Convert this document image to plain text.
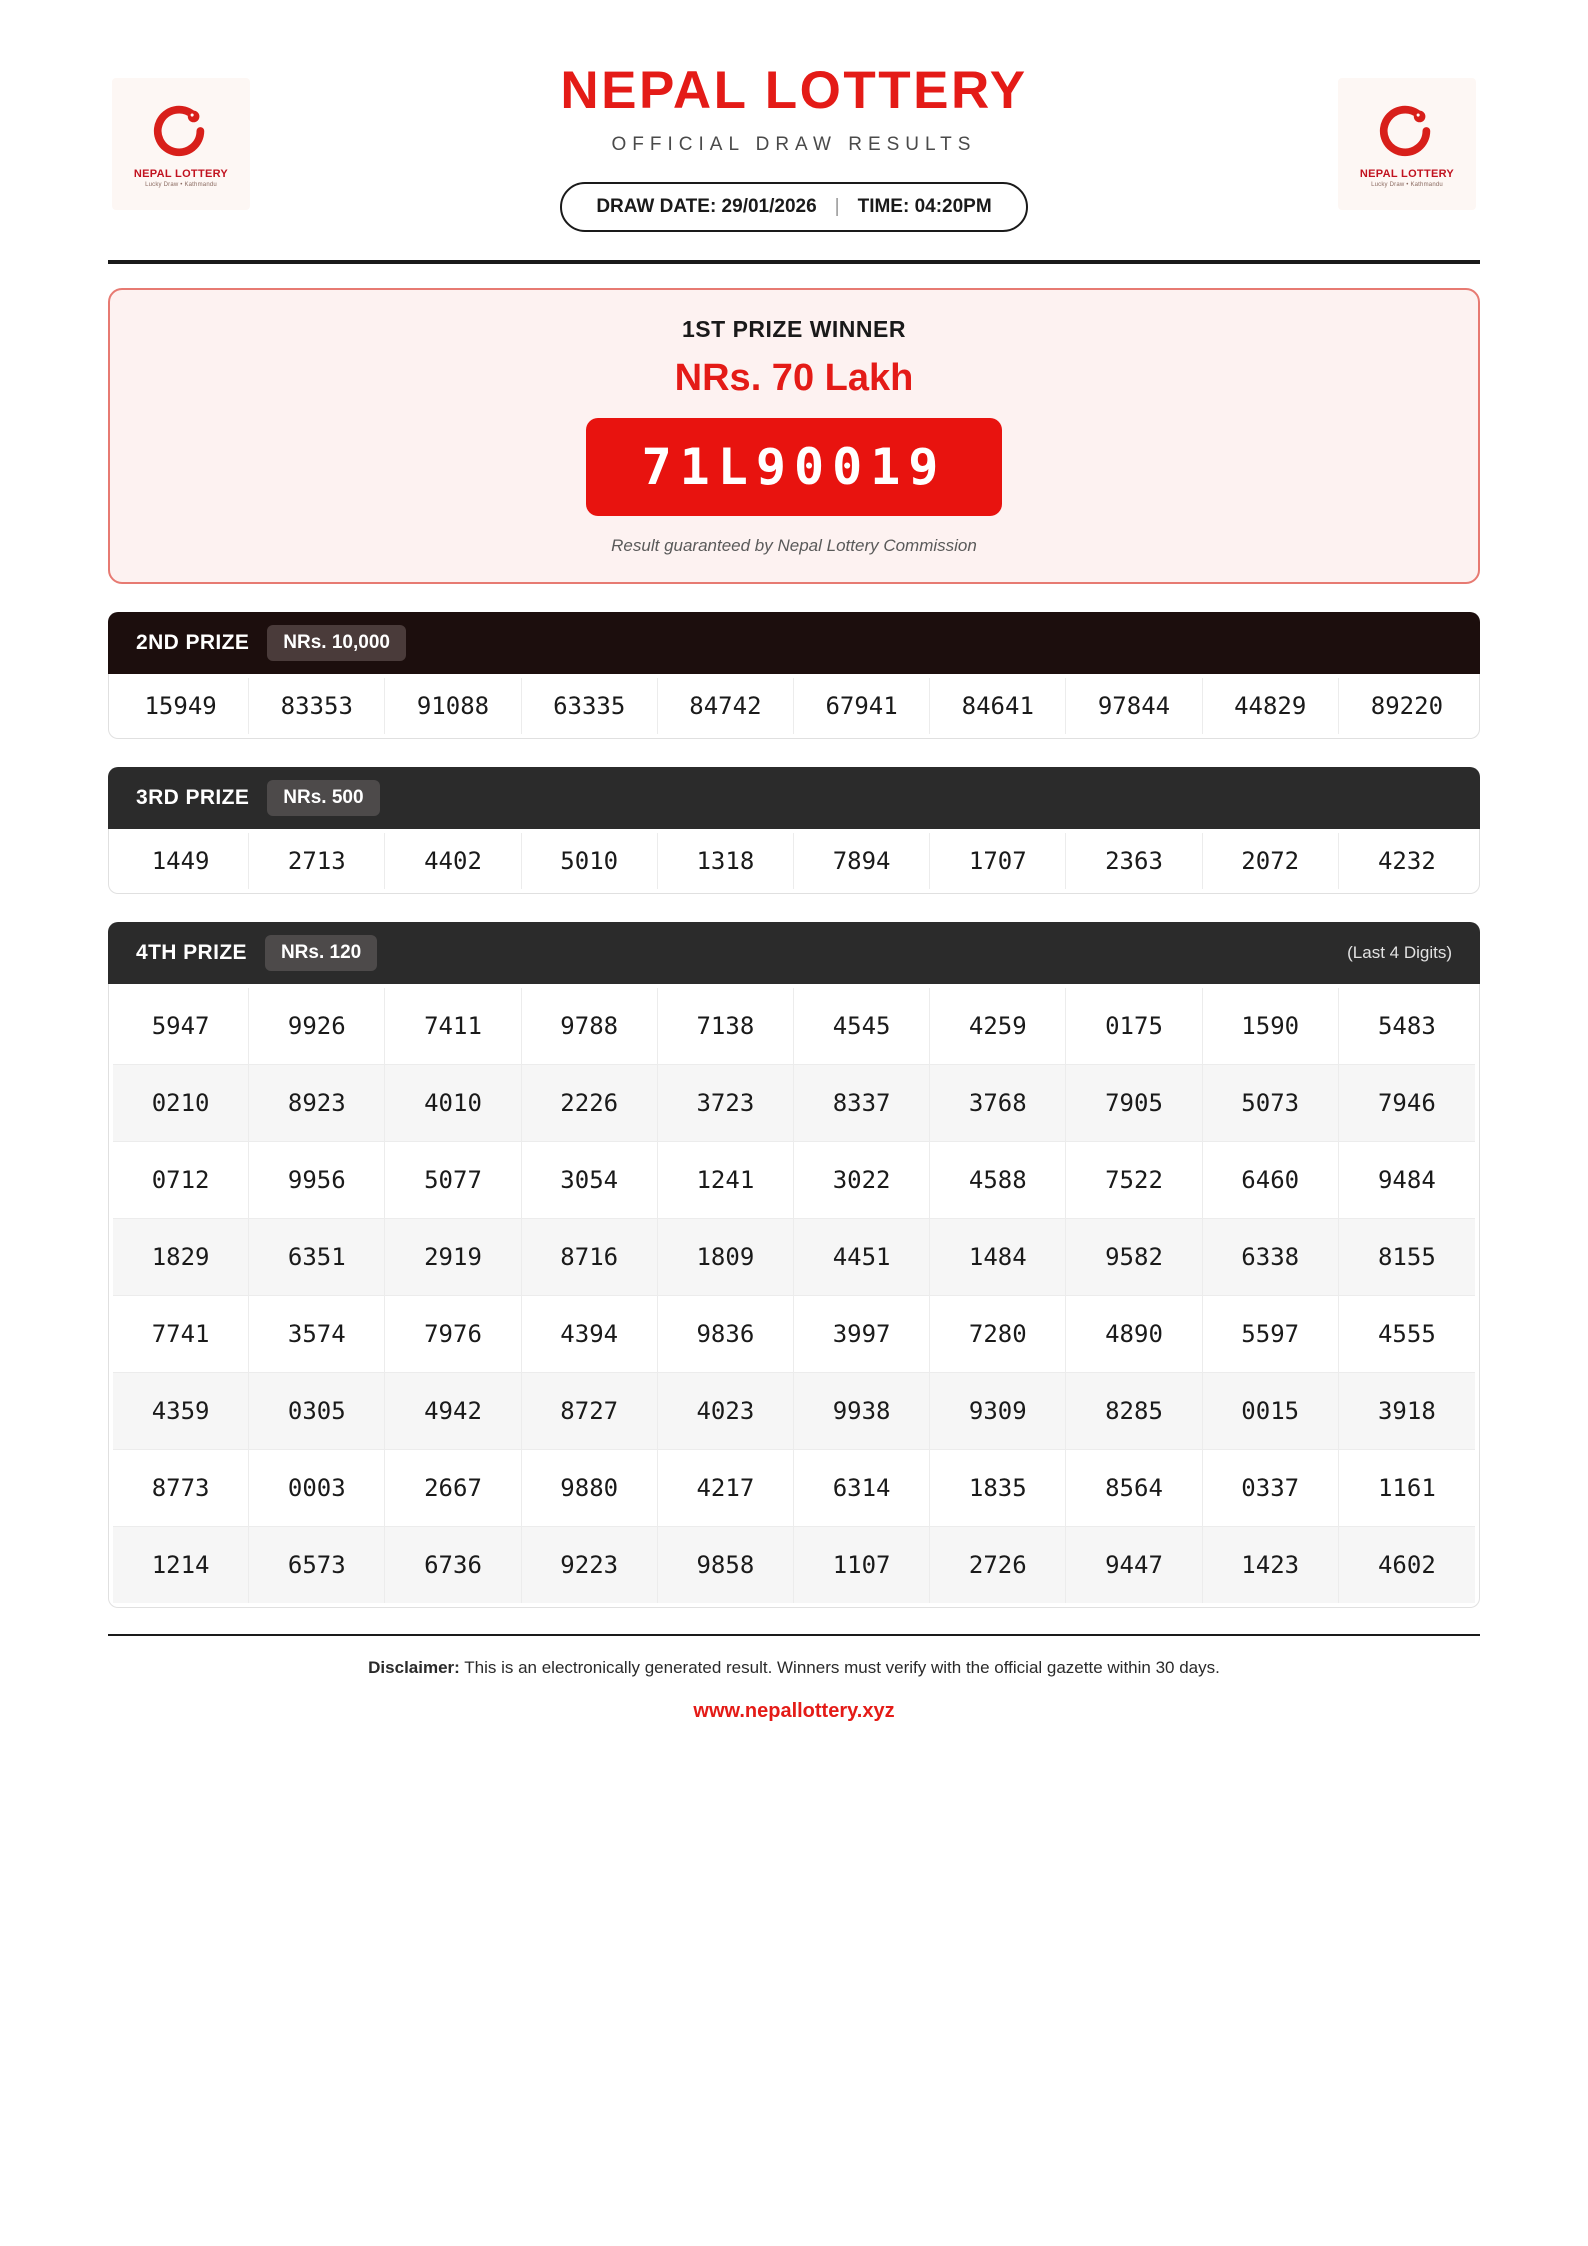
NEPAL LOTTERY
Lucky Draw • Kathmandu
NEPAL LOTTERY
Lucky Draw • Kathmandu
NEPAL LOTTERY
OFFICIAL DRAW RESULTS
DRAW DATE: 29/01/2026 | TIME: 04:20PM
1ST PRIZE WINNER
NRs. 70 Lakh
71L90019
Result guaranteed by Nepal Lottery Commission
2ND PRIZE	NRs. 10,000
15949	83353	91088	63335	84742	67941	84641	97844	44829	89220
3RD PRIZE	NRs. 500
1449	2713	4402	5010	1318	7894	1707	2363	2072	4232
4TH PRIZE	NRs. 120	(Last 4 Digits)
5947	9926	7411	9788	7138	4545	4259	0175	1590	5483
0210	8923	4010	2226	3723	8337	3768	7905	5073	7946
0712	9956	5077	3054	1241	3022	4588	7522	6460	9484
1829	6351	2919	8716	1809	4451	1484	9582	6338	8155
7741	3574	7976	4394	9836	3997	7280	4890	5597	4555
4359	0305	4942	8727	4023	9938	9309	8285	0015	3918
8773	0003	2667	9880	4217	6314	1835	8564	0337	1161
1214	6573	6736	9223	9858	1107	2726	9447	1423	4602
Disclaimer: This is an electronically generated result. Winners must verify with the official gazette within 30 days.
www.nepallottery.xyz
